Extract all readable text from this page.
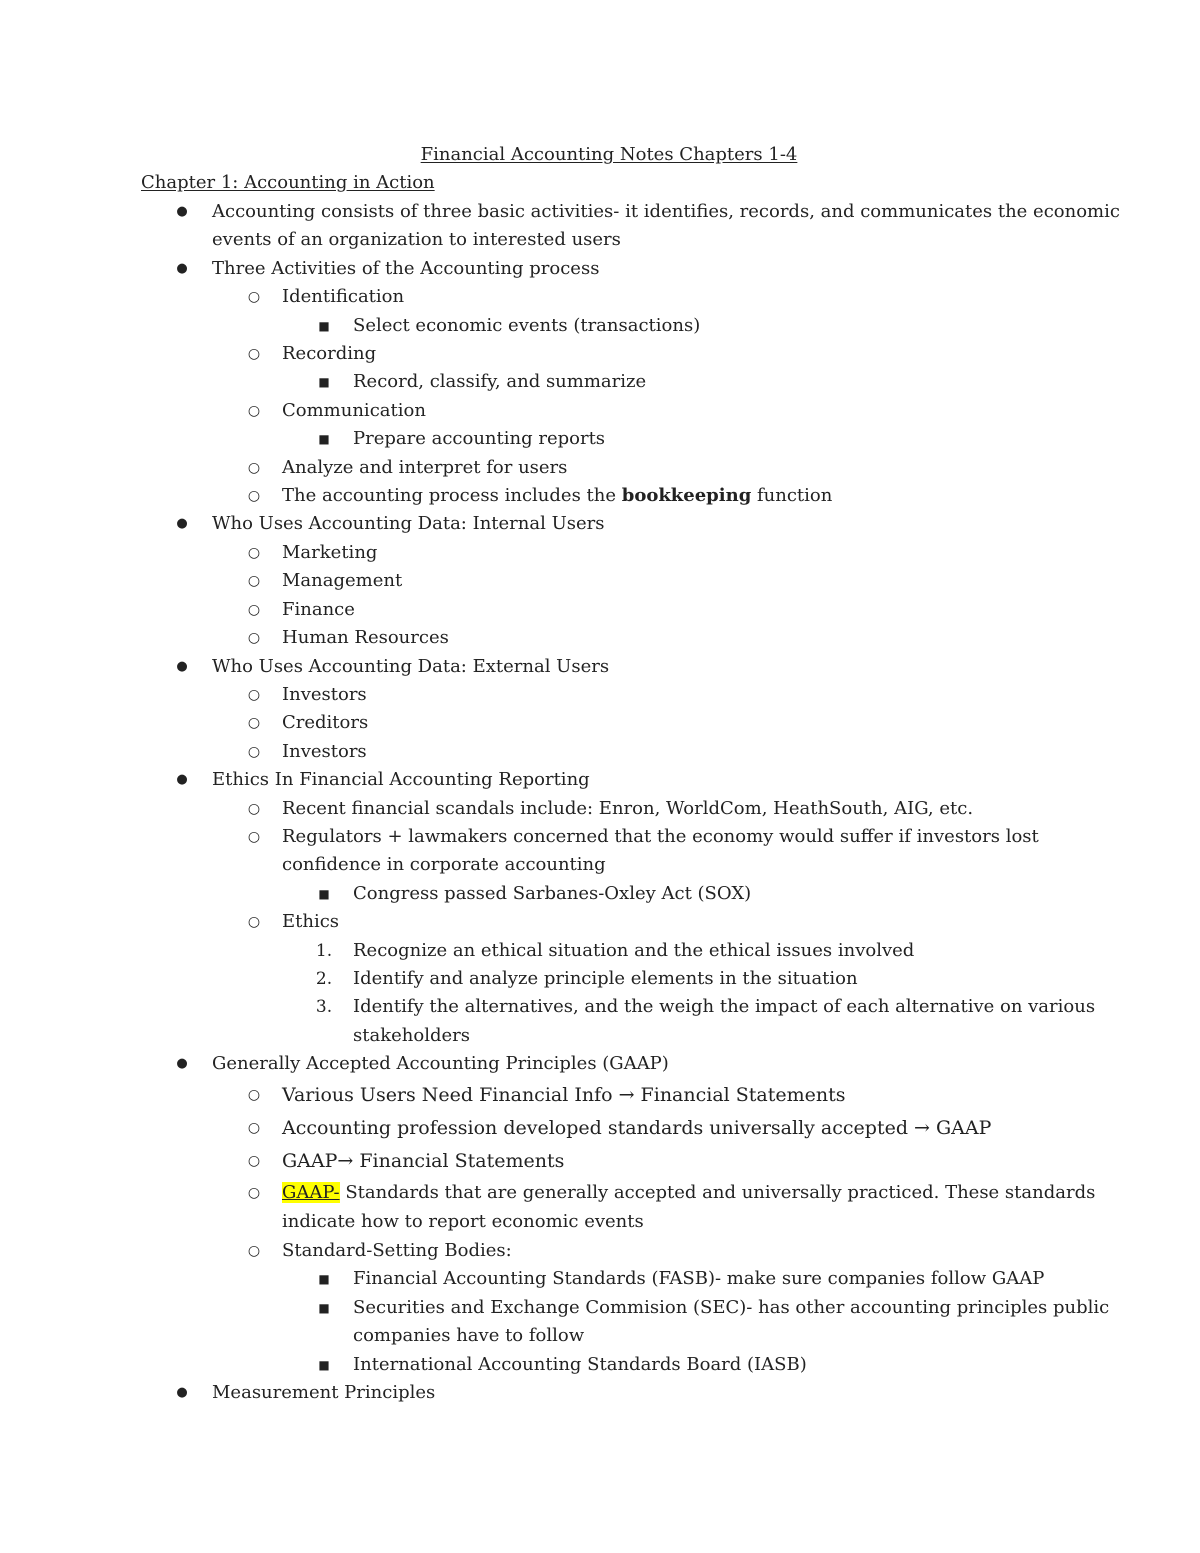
Financial Accounting Notes Chapters 1-4
Chapter 1: Accounting in Action
● Accounting consists of three basic activities- it identifies, records, and communicates the economic

events of an organization to interested users

● Three Activities of the Accounting process

○ Identification

■ Select economic events (transactions)

○ Recording

■ Record, classify, and summarize

○ Communication

■ Prepare accounting reports

○ Analyze and interpret for users

○ The accounting process includes the bookkeeping function

● Who Uses Accounting Data: Internal Users

○ Marketing

○ Management

○ Finance

○ Human Resources

● Who Uses Accounting Data: External Users

○ Investors

○ Creditors

○ Investors

● Ethics In Financial Accounting Reporting

○ Recent financial scandals include: Enron, WorldCom, HeathSouth, AIG, etc.

○ Regulators + lawmakers concerned that the economy would suffer if investors lost

confidence in corporate accounting

■ Congress passed Sarbanes-Oxley Act (SOX)

○ Ethics

1. Recognize an ethical situation and the ethical issues involved

2. Identify and analyze principle elements in the situation

3. Identify the alternatives, and the weigh the impact of each alternative on various

stakeholders

● Generally Accepted Accounting Principles (GAAP)

○ Various Users Need Financial Info → Financial Statements

○ Accounting profession developed standards universally accepted → GAAP

○ GAAP→ Financial Statements

○ GAAP- Standards that are generally accepted and universally practiced. These standards

indicate how to report economic events

○ Standard-Setting Bodies:

■ Financial Accounting Standards (FASB)- make sure companies follow GAAP

■ Securities and Exchange Commision (SEC)- has other accounting principles public

companies have to follow

■ International Accounting Standards Board (IASB)

● Measurement Principles
